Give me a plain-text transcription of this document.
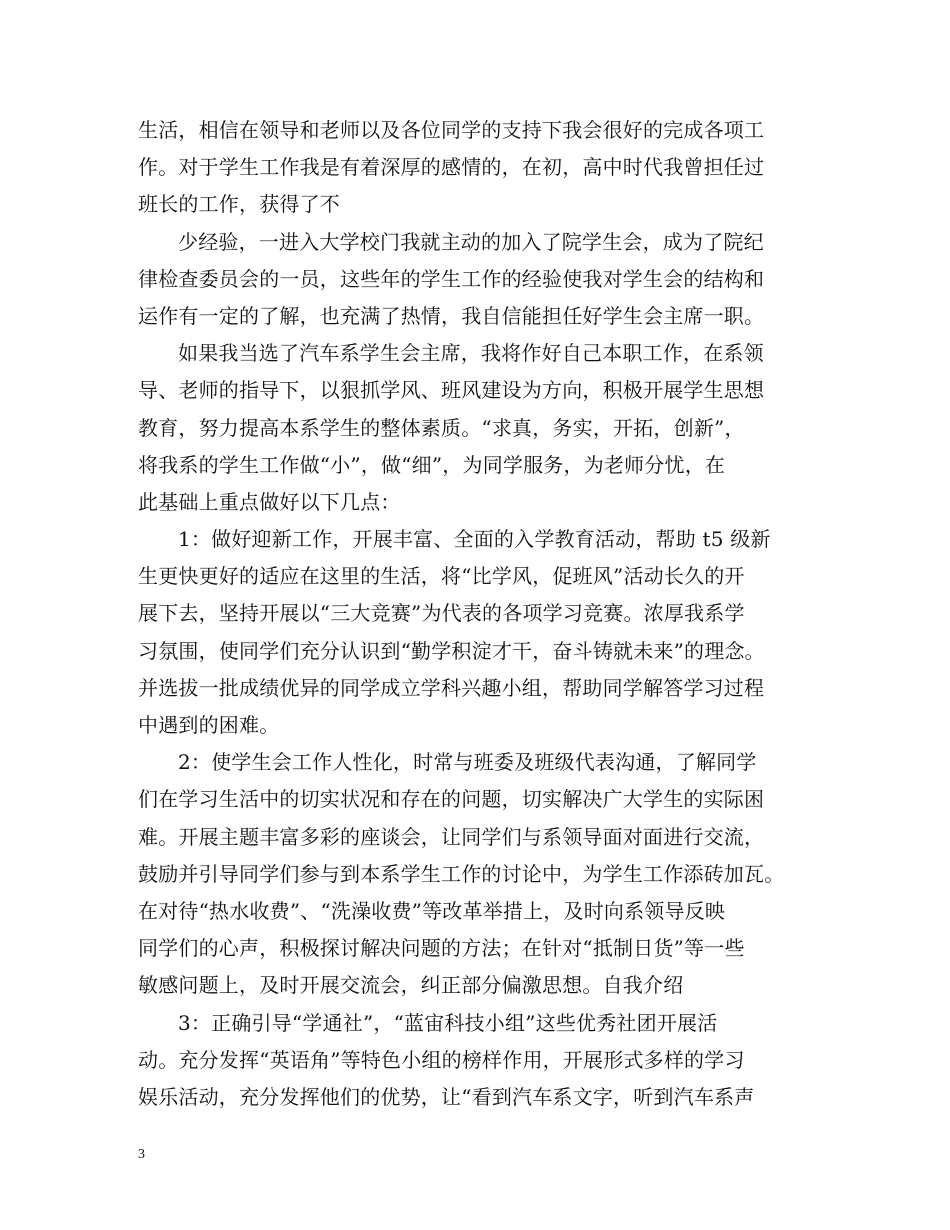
生活，相信在领导和老师以及各位同学的支持下我会很好的完成各项工
作。对于学生工作我是有着深厚的感情的，在初，高中时代我曾担任过
班长的工作，获得了不
少经验，一进入大学校门我就主动的加入了院学生会，成为了院纪
律检查委员会的一员，这些年的学生工作的经验使我对学生会的结构和
运作有一定的了解，也充满了热情，我自信能担任好学生会主席一职。
如果我当选了汽车系学生会主席，我将作好自己本职工作，在系领
导、老师的指导下，以狠抓学风、班风建设为方向，积极开展学生思想
教育，努力提高本系学生的整体素质。“求真，务实，开拓，创新”，
将我系的学生工作做“小”，做“细”，为同学服务，为老师分忧，在
此基础上重点做好以下几点：
1：做好迎新工作，开展丰富、全面的入学教育活动，帮助 t5 级新
生更快更好的适应在这里的生活，将“比学风，促班风”活动长久的开
展下去，坚持开展以“三大竞赛”为代表的各项学习竞赛。浓厚我系学
习氛围，使同学们充分认识到“勤学积淀才干，奋斗铸就未来”的理念。
并选拔一批成绩优异的同学成立学科兴趣小组，帮助同学解答学习过程
中遇到的困难。
2：使学生会工作人性化，时常与班委及班级代表沟通，了解同学
们在学习生活中的切实状况和存在的问题，切实解决广大学生的实际困
难。开展主题丰富多彩的座谈会，让同学们与系领导面对面进行交流，
鼓励并引导同学们参与到本系学生工作的讨论中，为学生工作添砖加瓦。
在对待“热水收费”、“洗澡收费”等改革举措上，及时向系领导反映
同学们的心声，积极探讨解决问题的方法；在针对“抵制日货”等一些
敏感问题上，及时开展交流会，纠正部分偏激思想。自我介绍
3：正确引导“学通社”，“蓝宙科技小组”这些优秀社团开展活
动。充分发挥“英语角”等特色小组的榜样作用，开展形式多样的学习
娱乐活动，充分发挥他们的优势，让“看到汽车系文字，听到汽车系声
3
